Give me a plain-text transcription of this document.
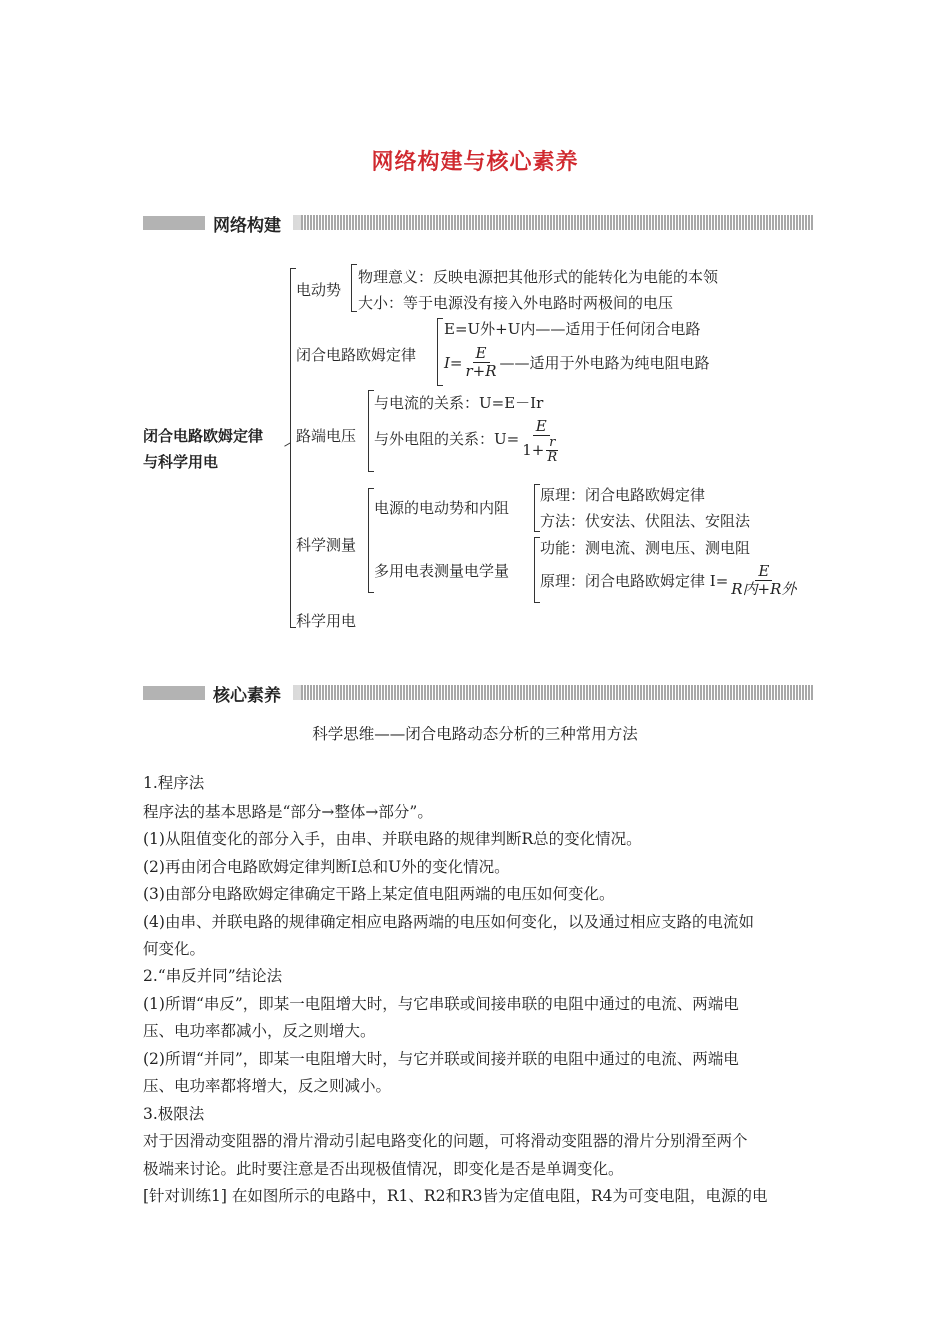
网络构建与核心素养
网络构建
闭合电路欧姆定律
与科学用电
电动势
物理意义：反映电源把其他形式的能转化为电能的本领
大小：等于电源没有接入外电路时两极间的电压
闭合电路欧姆定律
E=U外+U内——适用于任何闭合电路
$I= \frac{E}{r+R}$ ——适用于外电路为纯电阻电路
路端电压
与电流的关系：U=E－Ir
与外电阻的关系：$U= \frac{E}{1+ \frac{r}{R}}$
科学测量
电源的电动势和内阻
原理：闭合电路欧姆定律
方法：伏安法、伏阻法、安阻法
多用电表测量电学量
功能：测电流、测电压、测电阻
原理：闭合电路欧姆定律 $I= \frac{E}{\text{R内+R外}}$
科学用电
核心素养
科学思维——闭合电路动态分析的三种常用方法
1.程序法
程序法的基本思路是“部分→整体→部分”。
(1)从阻值变化的部分入手，由串、并联电路的规律判断R总的变化情况。
(2)再由闭合电路欧姆定律判断I总和U外的变化情况。
(3)由部分电路欧姆定律确定干路上某定值电阻两端的电压如何变化。
(4)由串、并联电路的规律确定相应电路两端的电压如何变化，以及通过相应支路的电流如
何变化。
2.“串反并同”结论法
(1)所谓“串反”，即某一电阻增大时，与它串联或间接串联的电阻中通过的电流、两端电
压、电功率都减小，反之则增大。
(2)所谓“并同”，即某一电阻增大时，与它并联或间接并联的电阻中通过的电流、两端电
压、电功率都将增大，反之则减小。
3.极限法
对于因滑动变阻器的滑片滑动引起电路变化的问题，可将滑动变阻器的滑片分别滑至两个
极端来讨论。此时要注意是否出现极值情况，即变化是否是单调变化。
[针对训练1] 在如图所示的电路中，R1、R2和R3皆为定值电阻，R4为可变电阻，电源的电
